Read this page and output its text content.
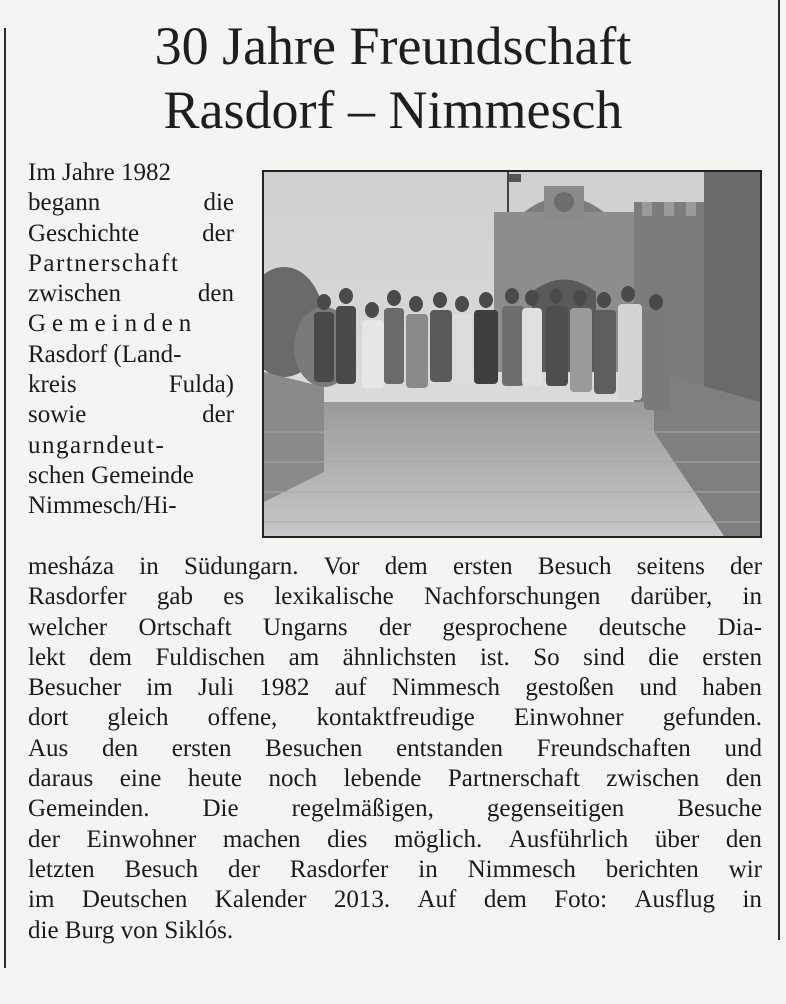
30 Jahre Freundschaft
Rasdorf – Nimmesch
Im Jahre 1982
begann	die
Geschichte	der
Partnerschaft
zwischen	den
Gemeinden
Rasdorf (Land-
kreis	Fulda)
sowie	der
ungarndeut-
schen Gemeinde
Nimmesch/Hi-
mesháza in Südungarn. Vor dem ersten Besuch seitens der
Rasdorfer gab es lexikalische Nachforschungen darüber, in
welcher Ortschaft Ungarns der gesprochene deutsche Dia-
lekt dem Fuldischen am ähnlichsten ist. So sind die ersten
Besucher im Juli 1982 auf Nimmesch gestoßen und haben
dort gleich offene, kontaktfreudige Einwohner gefunden.
Aus den ersten Besuchen entstanden Freundschaften und
daraus eine heute noch lebende Partnerschaft zwischen den
Gemeinden. Die regelmäßigen, gegenseitigen Besuche
der Einwohner machen dies möglich. Ausführlich über den
letzten Besuch der Rasdorfer in Nimmesch berichten wir
im Deutschen Kalender 2013. Auf dem Foto: Ausflug in
die Burg von Siklós.
